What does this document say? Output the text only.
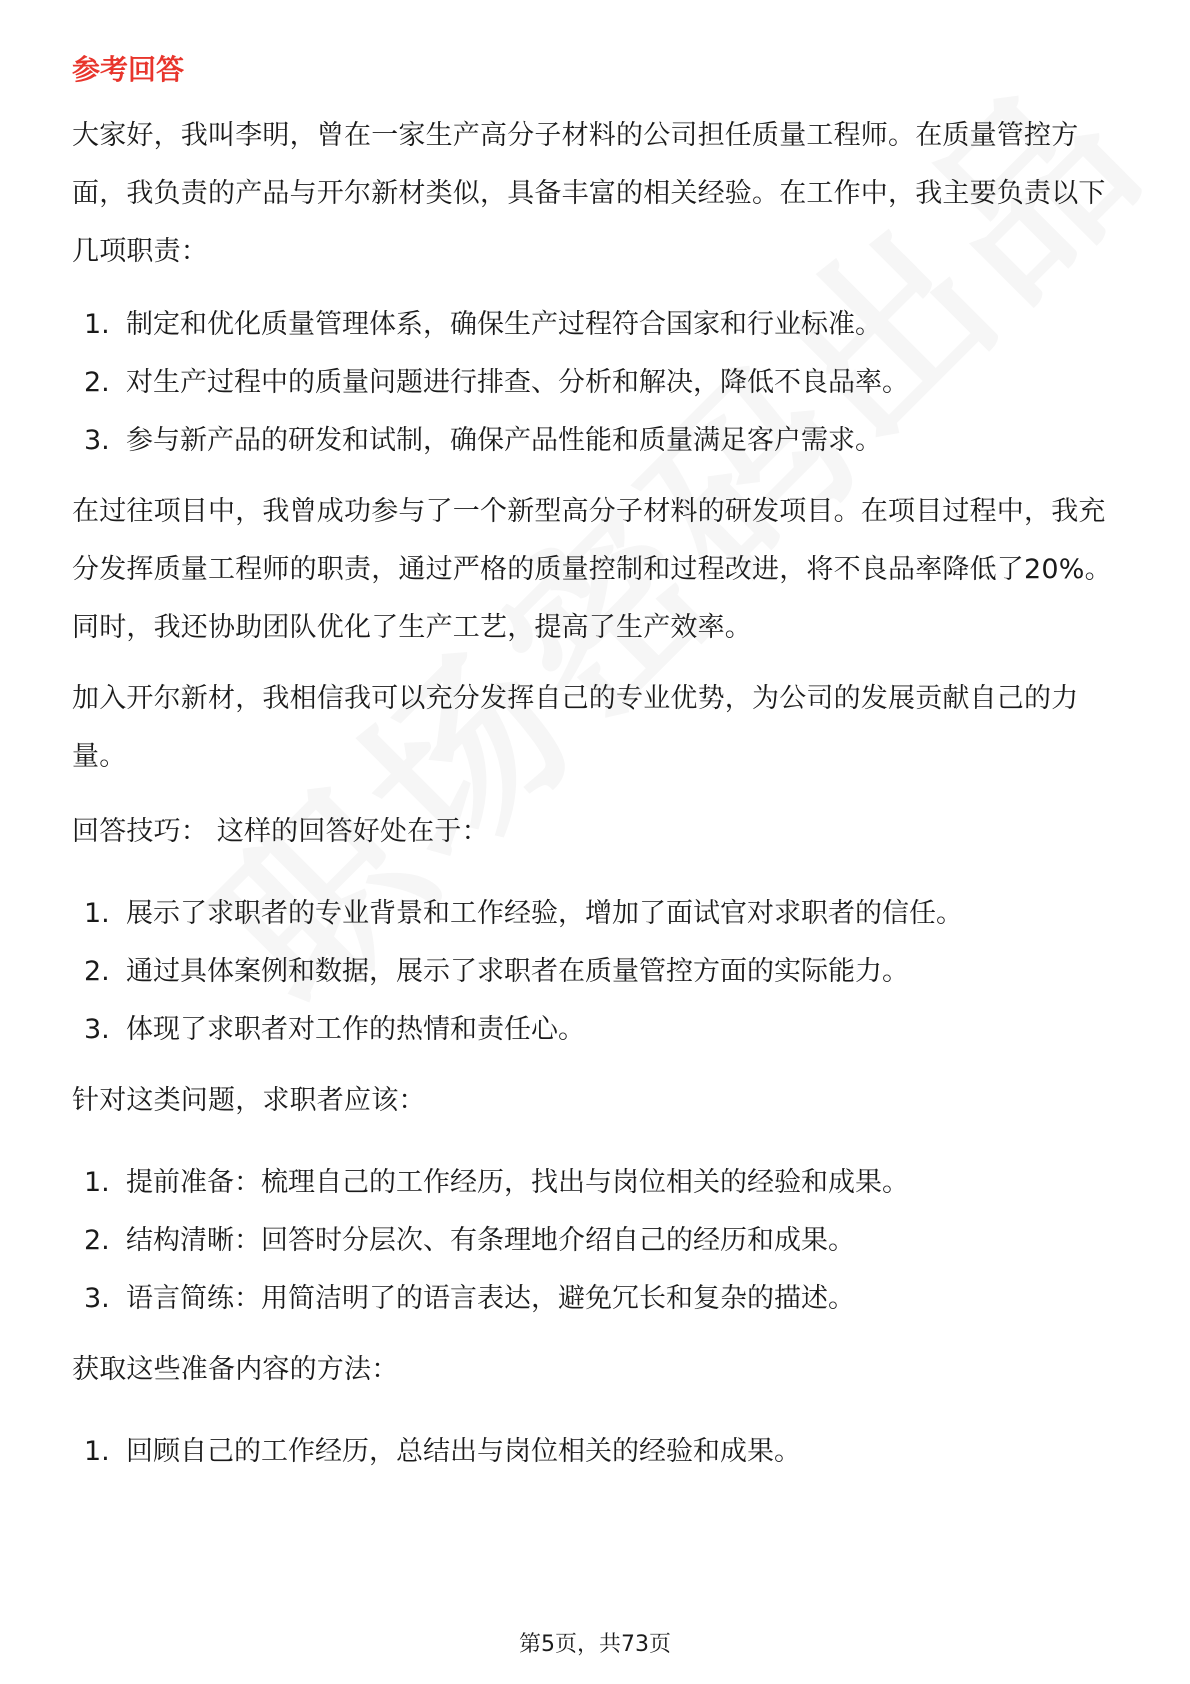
参考回答

大家好，我叫李明，曾在一家生产高分子材料的公司担任质量工程师。在质量管控方面，我负责的产品与开尔新材类似，具备丰富的相关经验。在工作中，我主要负责以下几项职责：

1. 制定和优化质量管理体系，确保生产过程符合国家和行业标准。
2. 对生产过程中的质量问题进行排查、分析和解决，降低不良品率。
3. 参与新产品的研发和试制，确保产品性能和质量满足客户需求。

在过往项目中，我曾成功参与了一个新型高分子材料的研发项目。在项目过程中，我充分发挥质量工程师的职责，通过严格的质量控制和过程改进，将不良品率降低了20%。同时，我还协助团队优化了生产工艺，提高了生产效率。

加入开尔新材，我相信我可以充分发挥自己的专业优势，为公司的发展贡献自己的力量。

回答技巧： 这样的回答好处在于：

1. 展示了求职者的专业背景和工作经验，增加了面试官对求职者的信任。
2. 通过具体案例和数据，展示了求职者在质量管控方面的实际能力。
3. 体现了求职者对工作的热情和责任心。

针对这类问题，求职者应该：

1. 提前准备：梳理自己的工作经历，找出与岗位相关的经验和成果。
2. 结构清晰：回答时分层次、有条理地介绍自己的经历和成果。
3. 语言简练：用简洁明了的语言表达，避免冗长和复杂的描述。

获取这些准备内容的方法：

1. 回顾自己的工作经历，总结出与岗位相关的经验和成果。
第5页，共73页
